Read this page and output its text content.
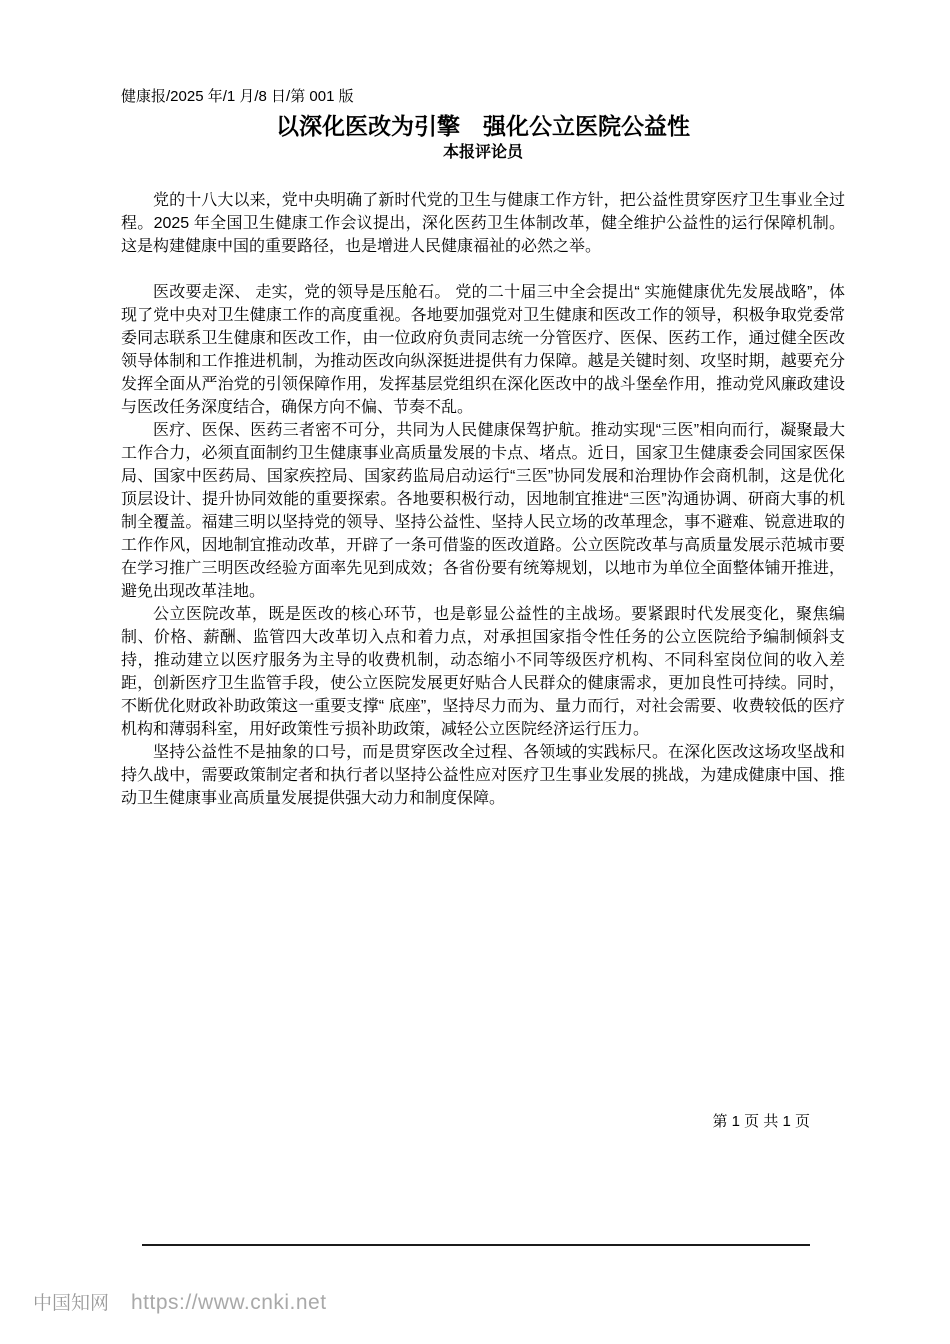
健康报/2025 年/1 月/8 日/第 001 版
以深化医改为引擎　强化公立医院公益性
本报评论员

党的十八大以来，党中央明确了新时代党的卫生与健康工作方针，把公益性贯穿医疗卫生事业全过程。2025 年全国卫生健康工作会议提出，深化医药卫生体制改革，健全维护公益性的运行保障机制。这是构建健康中国的重要路径，也是增进人民健康福祉的必然之举。

医改要走深、 走实，党的领导是压舱石。 党的二十届三中全会提出“ 实施健康优先发展战略”，体现了党中央对卫生健康工作的高度重视。各地要加强党对卫生健康和医改工作的领导，积极争取党委常委同志联系卫生健康和医改工作，由一位政府负责同志统一分管医疗、医保、医药工作，通过健全医改领导体制和工作推进机制，为推动医改向纵深挺进提供有力保障。越是关键时刻、攻坚时期，越要充分发挥全面从严治党的引领保障作用，发挥基层党组织在深化医改中的战斗堡垒作用，推动党风廉政建设与医改任务深度结合，确保方向不偏、节奏不乱。

医疗、医保、医药三者密不可分，共同为人民健康保驾护航。推动实现“三医”相向而行，凝聚最大工作合力，必须直面制约卫生健康事业高质量发展的卡点、堵点。近日，国家卫生健康委会同国家医保局、国家中医药局、国家疾控局、国家药监局启动运行“三医”协同发展和治理协作会商机制，这是优化顶层设计、提升协同效能的重要探索。各地要积极行动，因地制宜推进“三医”沟通协调、研商大事的机制全覆盖。福建三明以坚持党的领导、坚持公益性、坚持人民立场的改革理念，事不避难、锐意进取的工作作风，因地制宜推动改革，开辟了一条可借鉴的医改道路。公立医院改革与高质量发展示范城市要在学习推广三明医改经验方面率先见到成效；各省份要有统筹规划，以地市为单位全面整体铺开推进，避免出现改革洼地。

公立医院改革，既是医改的核心环节，也是彰显公益性的主战场。要紧跟时代发展变化，聚焦编制、价格、薪酬、监管四大改革切入点和着力点，对承担国家指令性任务的公立医院给予编制倾斜支持，推动建立以医疗服务为主导的收费机制，动态缩小不同等级医疗机构、不同科室岗位间的收入差距，创新医疗卫生监管手段，使公立医院发展更好贴合人民群众的健康需求，更加良性可持续。同时，不断优化财政补助政策这一重要支撑“ 底座”，坚持尽力而为、量力而行，对社会需要、收费较低的医疗机构和薄弱科室，用好政策性亏损补助政策，减轻公立医院经济运行压力。

坚持公益性不是抽象的口号，而是贯穿医改全过程、各领域的实践标尺。在深化医改这场攻坚战和持久战中，需要政策制定者和执行者以坚持公益性应对医疗卫生事业发展的挑战，为建成健康中国、推动卫生健康事业高质量发展提供强大动力和制度保障。

第 1 页 共 1 页
中国知网 https://www.cnki.net
